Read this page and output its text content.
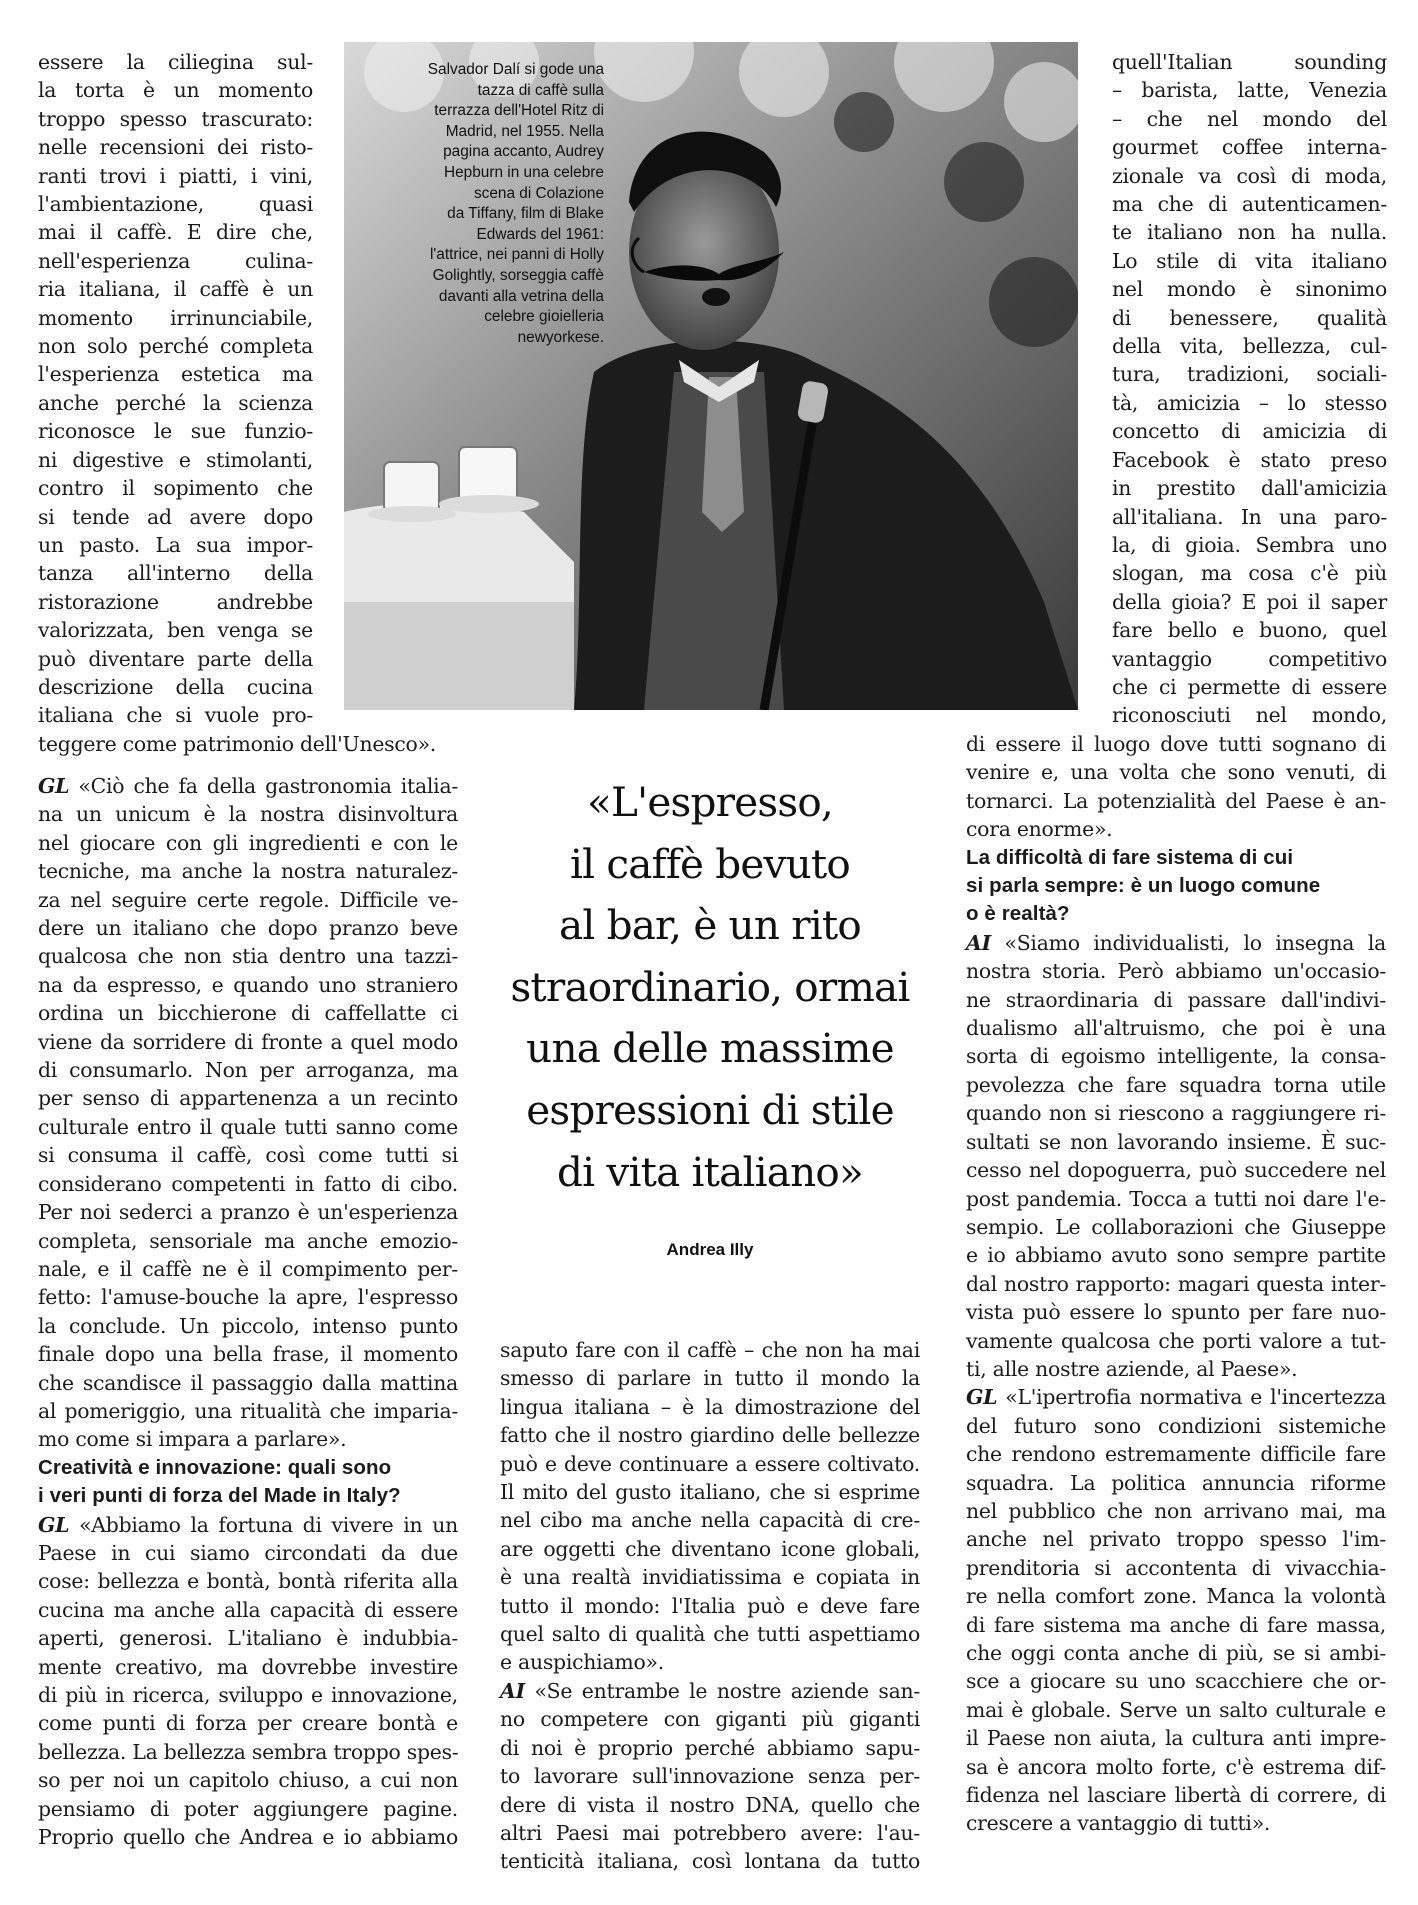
Salvador Dalí si gode una
tazza di caffè sulla
terrazza dell'Hotel Ritz di
Madrid, nel 1955. Nella
pagina accanto, Audrey
Hepburn in una celebre
scena di Colazione
da Tiffany, film di Blake
Edwards del 1961:
l'attrice, nei panni di Holly
Golightly, sorseggia caffè
davanti alla vetrina della
celebre gioielleria
newyorkese.
essere la ciliegina sul-
la torta è un momento
troppo spesso trascurato:
nelle recensioni dei risto-
ranti trovi i piatti, i vini,
l'ambientazione, quasi
mai il caffè. E dire che,
nell'esperienza culina-
ria italiana, il caffè è un
momento irrinunciabile,
non solo perché completa
l'esperienza estetica ma
anche perché la scienza
riconosce le sue funzio-
ni digestive e stimolanti,
contro il sopimento che
si tende ad avere dopo
un pasto. La sua impor-
tanza all'interno della
ristorazione andrebbe
valorizzata, ben venga se
può diventare parte della
descrizione della cucina
italiana che si vuole pro-
teggere come patrimonio dell'Unesco».
GL «Ciò che fa della gastronomia italia-
na un unicum è la nostra disinvoltura
nel giocare con gli ingredienti e con le
tecniche, ma anche la nostra naturalez-
za nel seguire certe regole. Difficile ve-
dere un italiano che dopo pranzo beve
qualcosa che non stia dentro una tazzi-
na da espresso, e quando uno straniero
ordina un bicchierone di caffellatte ci
viene da sorridere di fronte a quel modo
di consumarlo. Non per arroganza, ma
per senso di appartenenza a un recinto
culturale entro il quale tutti sanno come
si consuma il caffè, così come tutti si
considerano competenti in fatto di cibo.
Per noi sederci a pranzo è un'esperienza
completa, sensoriale ma anche emozio-
nale, e il caffè ne è il compimento per-
fetto: l'amuse-bouche la apre, l'espresso
la conclude. Un piccolo, intenso punto
finale dopo una bella frase, il momento
che scandisce il passaggio dalla mattina
al pomeriggio, una ritualità che imparia-
mo come si impara a parlare».
Creatività e innovazione: quali sono
i veri punti di forza del Made in Italy?
GL «Abbiamo la fortuna di vivere in un
Paese in cui siamo circondati da due
cose: bellezza e bontà, bontà riferita alla
cucina ma anche alla capacità di essere
aperti, generosi. L'italiano è indubbia-
mente creativo, ma dovrebbe investire
di più in ricerca, sviluppo e innovazione,
come punti di forza per creare bontà e
bellezza. La bellezza sembra troppo spes-
so per noi un capitolo chiuso, a cui non
pensiamo di poter aggiungere pagine.
Proprio quello che Andrea e io abbiamo
«L'espresso,
il caffè bevuto
al bar, è un rito
straordinario, ormai
una delle massime
espressioni di stile
di vita italiano»
Andrea Illy
saputo fare con il caffè – che non ha mai
smesso di parlare in tutto il mondo la
lingua italiana – è la dimostrazione del
fatto che il nostro giardino delle bellezze
può e deve continuare a essere coltivato.
Il mito del gusto italiano, che si esprime
nel cibo ma anche nella capacità di cre-
are oggetti che diventano icone globali,
è una realtà invidiatissima e copiata in
tutto il mondo: l'Italia può e deve fare
quel salto di qualità che tutti aspettiamo
e auspichiamo».
AI «Se entrambe le nostre aziende san-
no competere con giganti più giganti
di noi è proprio perché abbiamo sapu-
to lavorare sull'innovazione senza per-
dere di vista il nostro DNA, quello che
altri Paesi mai potrebbero avere: l'au-
tenticità italiana, così lontana da tutto
quell'Italian sounding
– barista, latte, Venezia
– che nel mondo del
gourmet coffee interna-
zionale va così di moda,
ma che di autenticamen-
te italiano non ha nulla.
Lo stile di vita italiano
nel mondo è sinonimo
di benessere, qualità
della vita, bellezza, cul-
tura, tradizioni, sociali-
tà, amicizia – lo stesso
concetto di amicizia di
Facebook è stato preso
in prestito dall'amicizia
all'italiana. In una paro-
la, di gioia. Sembra uno
slogan, ma cosa c'è più
della gioia? E poi il saper
fare bello e buono, quel
vantaggio competitivo
che ci permette di essere
riconosciuti nel mondo,
di essere il luogo dove tutti sognano di
venire e, una volta che sono venuti, di
tornarci. La potenzialità del Paese è an-
cora enorme».
La difficoltà di fare sistema di cui
si parla sempre: è un luogo comune
o è realtà?
AI «Siamo individualisti, lo insegna la
nostra storia. Però abbiamo un'occasio-
ne straordinaria di passare dall'indivi-
dualismo all'altruismo, che poi è una
sorta di egoismo intelligente, la consa-
pevolezza che fare squadra torna utile
quando non si riescono a raggiungere ri-
sultati se non lavorando insieme. È suc-
cesso nel dopoguerra, può succedere nel
post pandemia. Tocca a tutti noi dare l'e-
sempio. Le collaborazioni che Giuseppe
e io abbiamo avuto sono sempre partite
dal nostro rapporto: magari questa inter-
vista può essere lo spunto per fare nuo-
vamente qualcosa che porti valore a tut-
ti, alle nostre aziende, al Paese».
GL «L'ipertrofia normativa e l'incertezza
del futuro sono condizioni sistemiche
che rendono estremamente difficile fare
squadra. La politica annuncia riforme
nel pubblico che non arrivano mai, ma
anche nel privato troppo spesso l'im-
prenditoria si accontenta di vivacchia-
re nella comfort zone. Manca la volontà
di fare sistema ma anche di fare massa,
che oggi conta anche di più, se si ambi-
sce a giocare su uno scacchiere che or-
mai è globale. Serve un salto culturale e
il Paese non aiuta, la cultura anti impre-
sa è ancora molto forte, c'è estrema dif-
fidenza nel lasciare libertà di correre, di
crescere a vantaggio di tutti».
